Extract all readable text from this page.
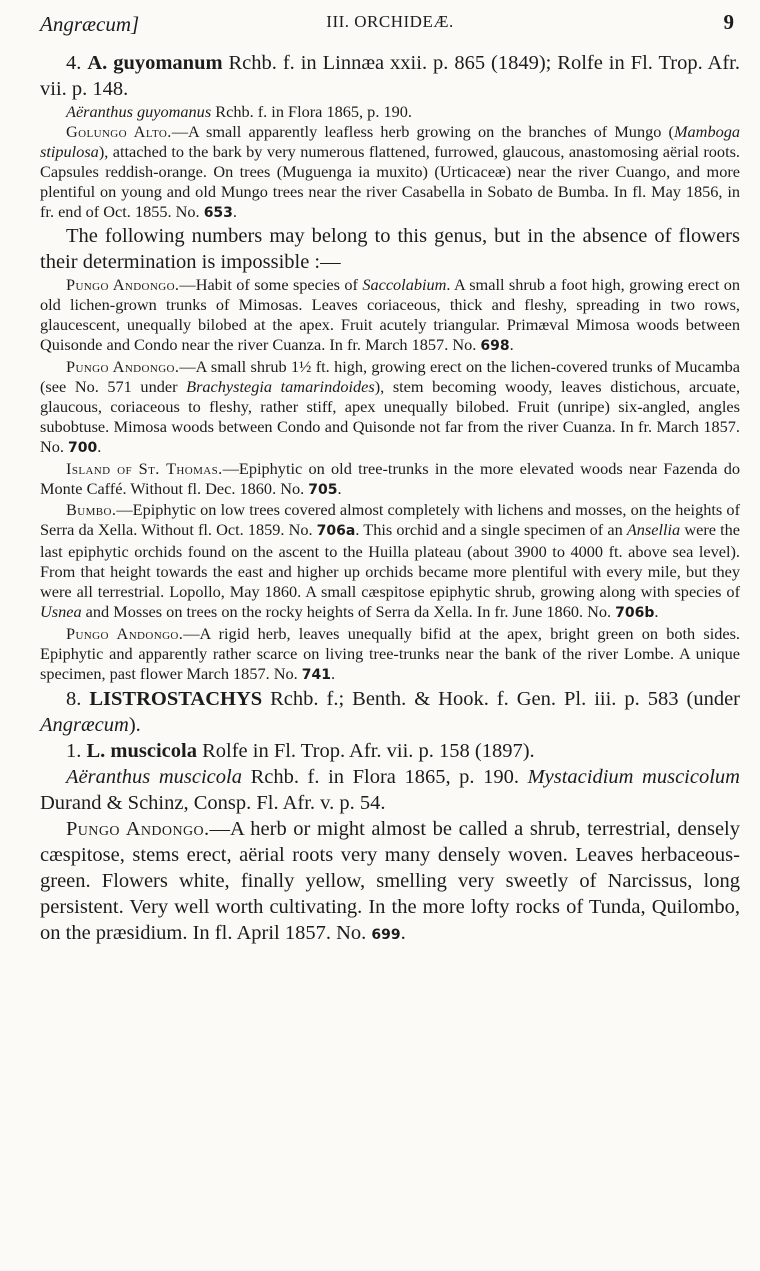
Angræcum]	III. ORCHIDEÆ.	9

4. A. guyomanum Rchb. f. in Linnæa xxii. p. 865 (1849); Rolfe in Fl. Trop. Afr. vii. p. 148.

Aëranthus guyomanus Rchb. f. in Flora 1865, p. 190.

Golungo Alto.—A small apparently leafless herb growing on the branches of Mungo (Mamboga stipulosa), attached to the bark by very numerous flattened, furrowed, glaucous, anastomosing aërial roots. Capsules reddish-orange. On trees (Muguenga ia muxito) (Urticaceæ) near the river Cuango, and more plentiful on young and old Mungo trees near the river Casabella in Sobato de Bumba. In fl. May 1856, in fr. end of Oct. 1855. No. 653.

The following numbers may belong to this genus, but in the absence of flowers their determination is impossible :—

Pungo Andongo.—Habit of some species of Saccolabium. A small shrub a foot high, growing erect on old lichen-grown trunks of Mimosas. Leaves coriaceous, thick and fleshy, spreading in two rows, glaucescent, unequally bilobed at the apex. Fruit acutely triangular. Primæval Mimosa woods between Quisonde and Condo near the river Cuanza. In fr. March 1857. No. 698.

Pungo Andongo.—A small shrub 1½ ft. high, growing erect on the lichen-covered trunks of Mucamba (see No. 571 under Brachystegia tamarindoides), stem becoming woody, leaves distichous, arcuate, glaucous, coriaceous to fleshy, rather stiff, apex unequally bilobed. Fruit (unripe) six-angled, angles subobtuse. Mimosa woods between Condo and Quisonde not far from the river Cuanza. In fr. March 1857. No. 700.

Island of St. Thomas.—Epiphytic on old tree-trunks in the more elevated woods near Fazenda do Monte Caffé. Without fl. Dec. 1860. No. 705.

Bumbo.—Epiphytic on low trees covered almost completely with lichens and mosses, on the heights of Serra da Xella. Without fl. Oct. 1859. No. 706a. This orchid and a single specimen of an Ansellia were the last epiphytic orchids found on the ascent to the Huilla plateau (about 3900 to 4000 ft. above sea level). From that height towards the east and higher up orchids became more plentiful with every mile, but they were all terrestrial. Lopollo, May 1860. A small cæspitose epiphytic shrub, growing along with species of Usnea and Mosses on trees on the rocky heights of Serra da Xella. In fr. June 1860. No. 706b.

Pungo Andongo.—A rigid herb, leaves unequally bifid at the apex, bright green on both sides. Epiphytic and apparently rather scarce on living tree-trunks near the bank of the river Lombe. A unique specimen, past flower March 1857. No. 741.

8. LISTROSTACHYS Rchb. f.; Benth. & Hook. f. Gen. Pl. iii. p. 583 (under Angræcum).

1. L. muscicola Rolfe in Fl. Trop. Afr. vii. p. 158 (1897).

Aëranthus muscicola Rchb. f. in Flora 1865, p. 190. Mystacidium muscicolum Durand & Schinz, Consp. Fl. Afr. v. p. 54.

Pungo Andongo.—A herb or might almost be called a shrub, terrestrial, densely cæspitose, stems erect, aërial roots very many densely woven. Leaves herbaceous-green. Flowers white, finally yellow, smelling very sweetly of Narcissus, long persistent. Very well worth cultivating. In the more lofty rocks of Tunda, Quilombo, on the præsidium. In fl. April 1857. No. 699.
